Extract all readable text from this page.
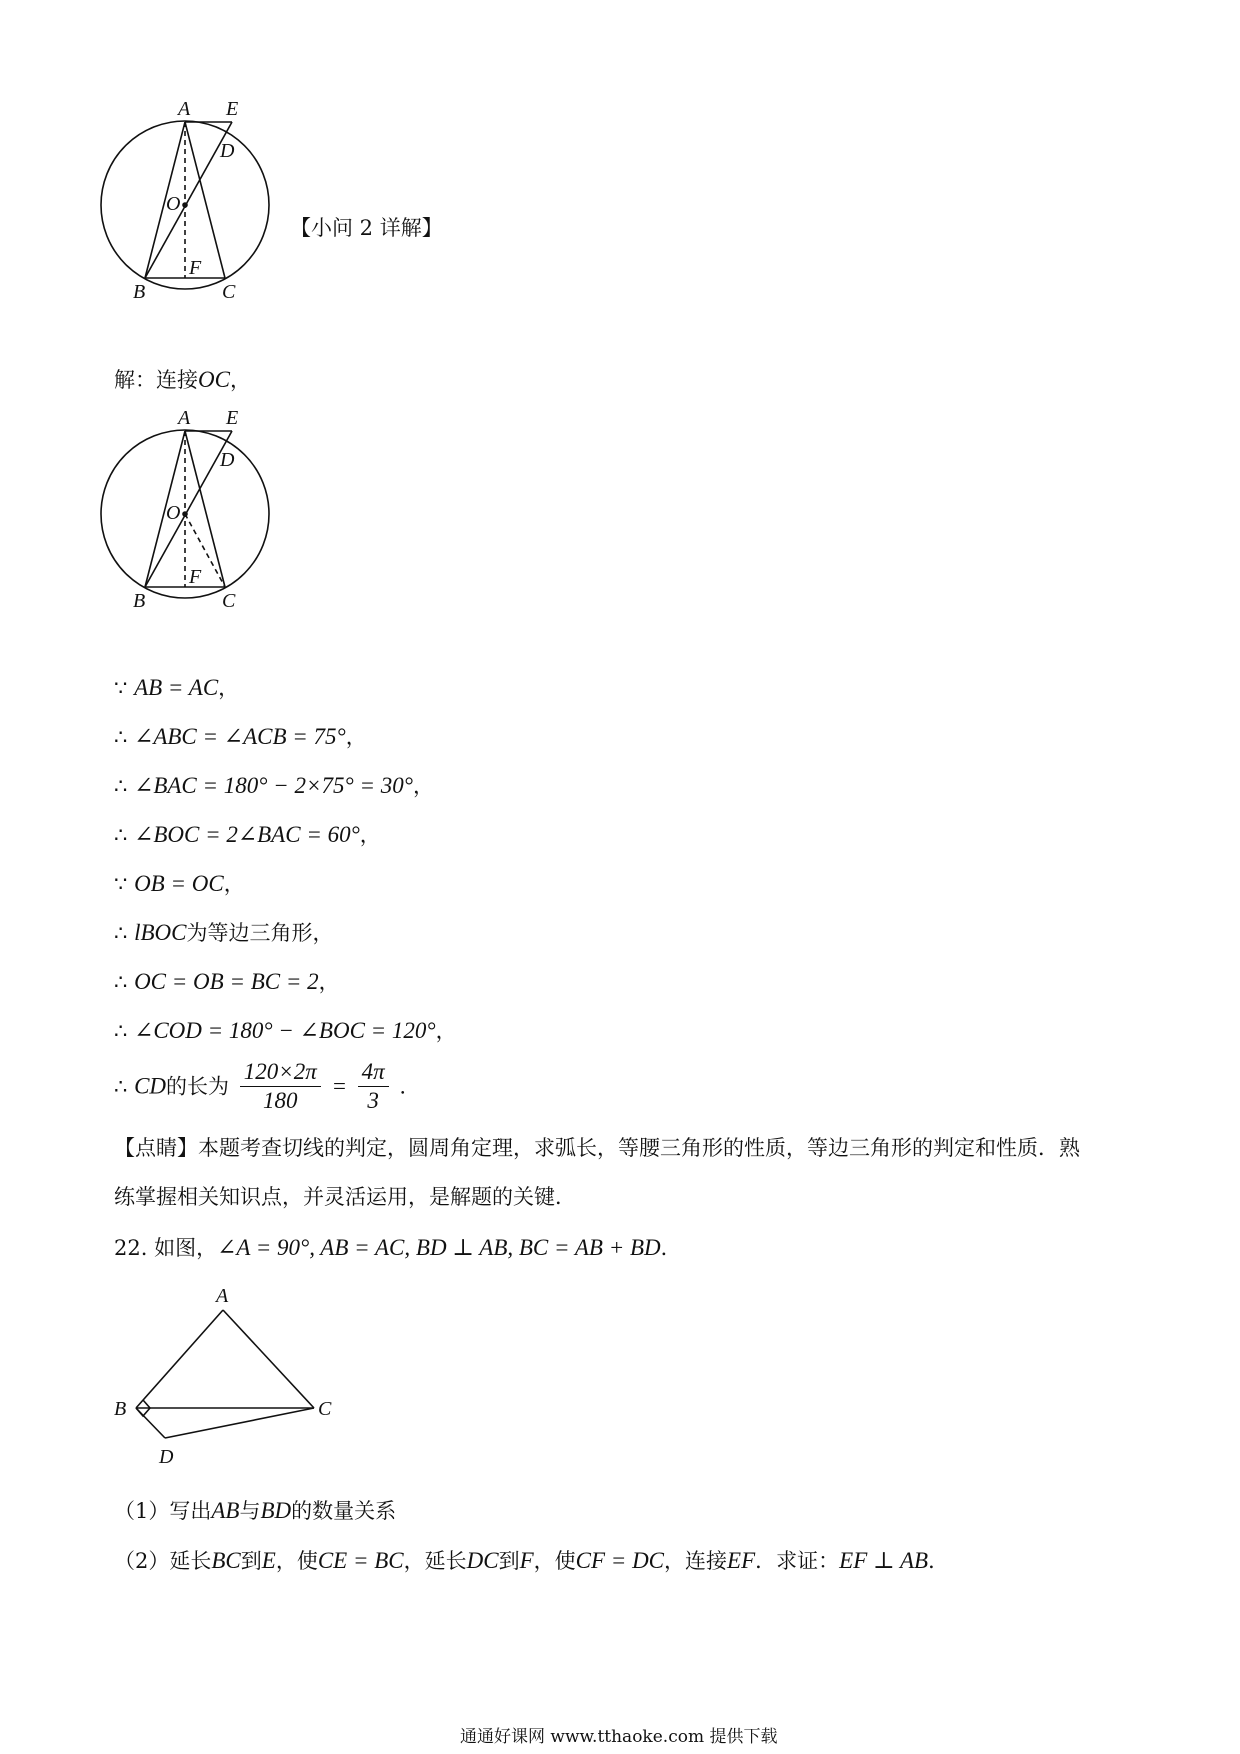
A E
D
O
F
B	C
【小问 2 详解】
解：连接OC，
A E
D
O
F
B	C
∵ AB = AC，
∴ ∠ABC = ∠ACB = 75°，
∴ ∠BAC = 180° − 2×75° = 30°，
∴ ∠BOC = 2∠BAC = 60°，
∵ OB = OC，
∴ lBOC为等边三角形，
∴ OC = OB = BC = 2，
∴ ∠COD = 180° − ∠BOC = 120°，
∴ CD的长为 $\frac{120\times 2\pi}{180} = \frac{4\pi}{3}$ .
【点睛】本题考查切线的判定，圆周角定理，求弧长，等腰三角形的性质，等边三角形的判定和性质．熟
练掌握相关知识点，并灵活运用，是解题的关键．
22. 如图，∠A = 90°, AB = AC, BD ⊥ AB, BC = AB + BD．
A
B	C
D
（1）写出AB与BD的数量关系
（2）延长BC到E，使CE = BC，延长DC到F，使CF = DC，连接EF．求证：EF ⊥ AB．
通通好课网 www.tthaoke.com 提供下载
